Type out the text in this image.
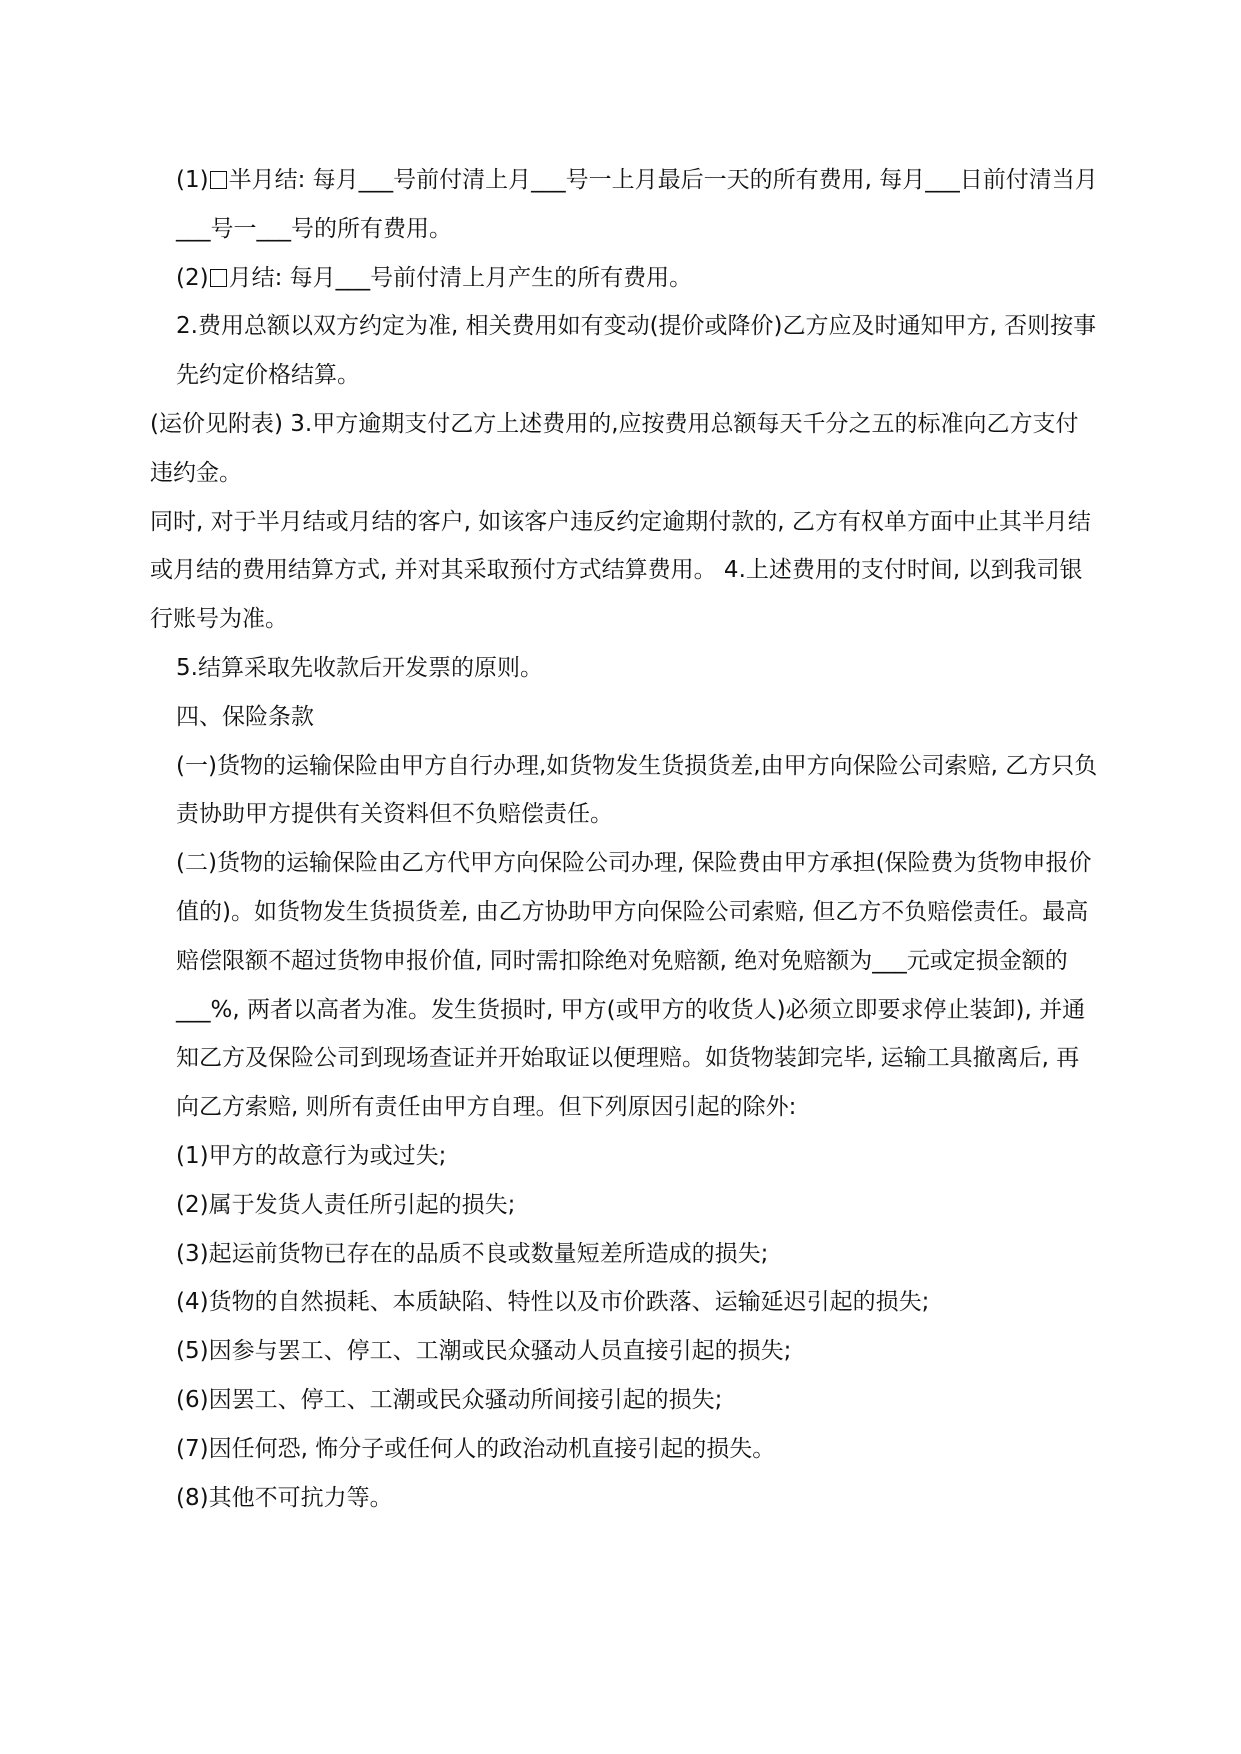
(1) 半月结: 每月___号前付清上月___号一上月最后一天的所有费用, 每月___日前付清当月___号一___号的所有费用。

(2) 月结: 每月___号前付清上月产生的所有费用。

2.费用总额以双方约定为准, 相关费用如有变动(提价或降价)乙方应及时通知甲方, 否则按事先约定价格结算。

(运价见附表) 3.甲方逾期支付乙方上述费用的,应按费用总额每天千分之五的标准向乙方支付违约金。

同时, 对于半月结或月结的客户, 如该客户违反约定逾期付款的, 乙方有权单方面中止其半月结或月结的费用结算方式, 并对其采取预付方式结算费用。 4.上述费用的支付时间, 以到我司银行账号为准。

5.结算采取先收款后开发票的原则。

四、保险条款

(一)货物的运输保险由甲方自行办理,如货物发生货损货差,由甲方向保险公司索赔, 乙方只负责协助甲方提供有关资料但不负赔偿责任。

(二)货物的运输保险由乙方代甲方向保险公司办理, 保险费由甲方承担(保险费为货物申报价值的)。如货物发生货损货差, 由乙方协助甲方向保险公司索赔, 但乙方不负赔偿责任。最高赔偿限额不超过货物申报价值, 同时需扣除绝对免赔额, 绝对免赔额为___元或定损金额的___%, 两者以高者为准。发生货损时, 甲方(或甲方的收货人)必须立即要求停止装卸), 并通知乙方及保险公司到现场查证并开始取证以便理赔。如货物装卸完毕, 运输工具撤离后, 再向乙方索赔, 则所有责任由甲方自理。但下列原因引起的除外:

(1)甲方的故意行为或过失;

(2)属于发货人责任所引起的损失;

(3)起运前货物已存在的品质不良或数量短差所造成的损失;

(4)货物的自然损耗、本质缺陷、特性以及市价跌落、运输延迟引起的损失;

(5)因参与罢工、停工、工潮或民众骚动人员直接引起的损失;

(6)因罢工、停工、工潮或民众骚动所间接引起的损失;

(7)因任何恐, 怖分子或任何人的政治动机直接引起的损失。

(8)其他不可抗力等。
